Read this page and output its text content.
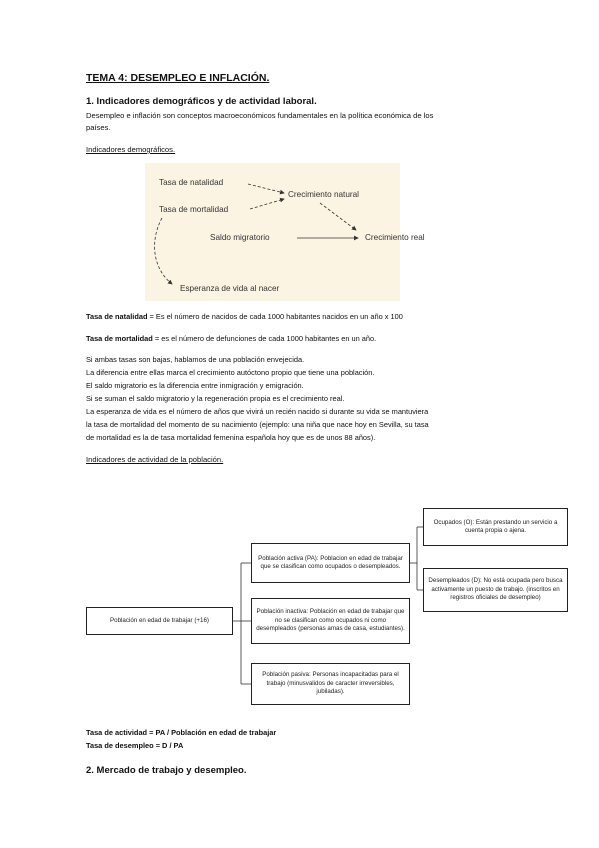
TEMA 4: DESEMPLEO E INFLACIÓN.
1. Indicadores demográficos y de actividad laboral.
Desempleo e inflación son conceptos macroeconómicos fundamentales en la política económica de los
países.
Indicadores demográficos.
Tasa de natalidad
Tasa de mortalidad
Crecimiento natural
Saldo migratorio	Crecimiento real
Esperanza de vida al nacer
Tasa de natalidad = Es el número de nacidos de cada 1000 habitantes nacidos en un año x 100
Tasa de mortalidad = es el número de defunciones de cada 1000 habitantes en un año.
Si ambas tasas son bajas, hablamos de una población envejecida.
La diferencia entre ellas marca el crecimiento autóctono propio que tiene una población.
El saldo migratorio es la diferencia entre inmigración y emigración.
Si se suman el saldo migratorio y la regeneración propia es el crecimiento real.
La esperanza de vida es el número de años que vivirá un recién nacido si durante su vida se mantuviera
la tasa de mortalidad del momento de su nacimiento (ejemplo: una niña que nace hoy en Sevilla, su tasa
de mortalidad es la de tasa mortalidad femenina española hoy que es de unos 88 años).
Indicadores de actividad de la población.
Población en edad de trabajar (+16)
Población activa (PA): Poblacion en edad de trabajar que se clasifican como ocupados o desempleados.
Población inactiva: Población en edad de trabajar que no se clasifican como ocupados ni como desempleados (personas amas de casa, estudiantes).
Población pasiva: Personas incapacitadas para el trabajo (minusvalidos de caracter irreversibles, jubiladas).
Ocupados (O): Están prestando un servicio a cuenta propia o ajena.
Desempleados (D): No está ocupada pero busca activamente un puesto de trabajo. (inscritos en registros oficiales de desempleo)
Tasa de actividad = PA / Población en edad de trabajar
Tasa de desempleo = D / PA
2. Mercado de trabajo y desempleo.
